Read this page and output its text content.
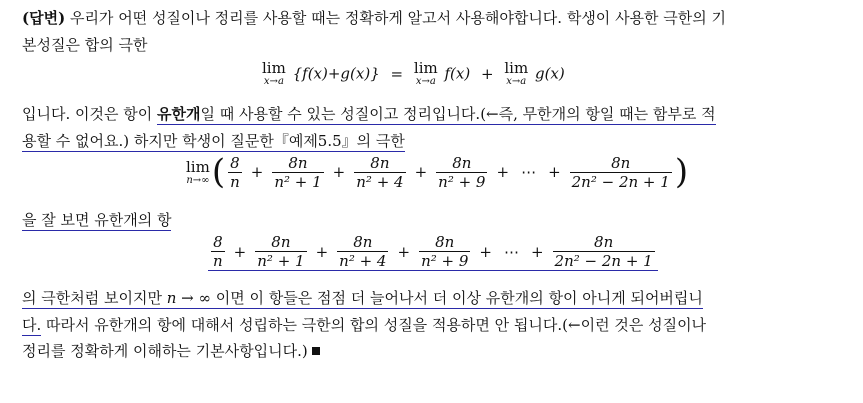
(답변) 우리가 어떤 성질이나 정리를 사용할 때는 정확하게 알고서 사용해야합니다. 학생이 사용한 극한의 기
본성질은 합의 극한
lim
x→a {f(x)+g(x)} = lim
x→a f(x) + lim
x→a g(x)
입니다. 이것은 항이 유한개일 때 사용할 수 있는 성질이고 정리입니다.(←즉, 무한개의 항일 때는 함부로 적
용할 수 없어요.) 하지만 학생이 질문한『예제5.5』의 극한
lim
n→∞ ( $\frac{8}{n} + \frac{8n}{\text{n² + 1}} + \frac{8n}{\text{n² + 4}} + \frac{8n}{\text{n² + 9}}$ + ⋯ + $\frac{8n}{\text{2n² − 2n + 1}}$ )
을 잘 보면 유한개의 항
$\frac{8}{n} + \frac{8n}{\text{n² + 1}} + \frac{8n}{\text{n² + 4}} + \frac{8n}{\text{n² + 9}}$ + ⋯ + $\frac{8n}{\text{2n² − 2n + 1}}$
의 극한처럼 보이지만 n → ∞ 이면 이 항들은 점점 더 늘어나서 더 이상 유한개의 항이 아니게 되어버립니
다. 따라서 유한개의 항에 대해서 성립하는 극한의 합의 성질을 적용하면 안 됩니다.(←이런 것은 성질이나
정리를 정확하게 이해하는 기본사항입니다.)
